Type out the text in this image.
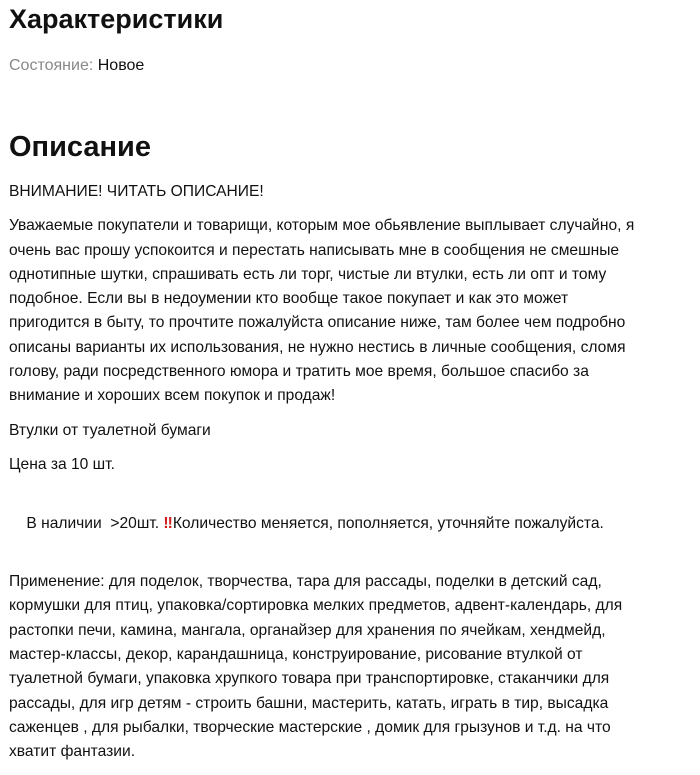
Характеристики
Состояние: Новое
Описание

ВНИМАНИЕ! ЧИТАТЬ ОПИСАНИЕ!

Уважаемые покупатели и товарищи, которым мое обьявление выплывает случайно, я
очень вас прошу успокоится и перестать написывать мне в сообщения не смешные
однотипные шутки, спрашивать есть ли торг, чистые ли втулки, есть ли опт и тому
подобное. Если вы в недоумении кто вообще такое покупает и как это может
пригодится в быту, то прочтите пожалуйста описание ниже, там более чем подробно
описаны варианты их использования, не нужно нестись в личные сообщения, сломя
голову, ради посредственного юмора и тратить мое время, большое спасибо за
внимание и хороших всем покупок и продаж!

Втулки от туалетной бумаги

Цена за 10 шт.

В наличии  >20шт. ‼Количество меняется, пополняется, уточняйте пожалуйста.

Применение: для поделок, творчества, тара для рассады, поделки в детский сад,
кормушки для птиц, упаковка/сортировка мелких предметов, адвент-календарь, для
растопки печи, камина, мангала, органайзер для хранения по ячейкам, хендмейд,
мастер-классы, декор, карандашница, конструирование, рисование втулкой от
туалетной бумаги, упаковка хрупкого товара при транспортировке, стаканчики для
рассады, для игр детям - строить башни, мастерить, катать, играть в тир, высадка
саженцев , для рыбалки, творческие мастерские , домик для грызунов и т.д. на что
хватит фантазии.
